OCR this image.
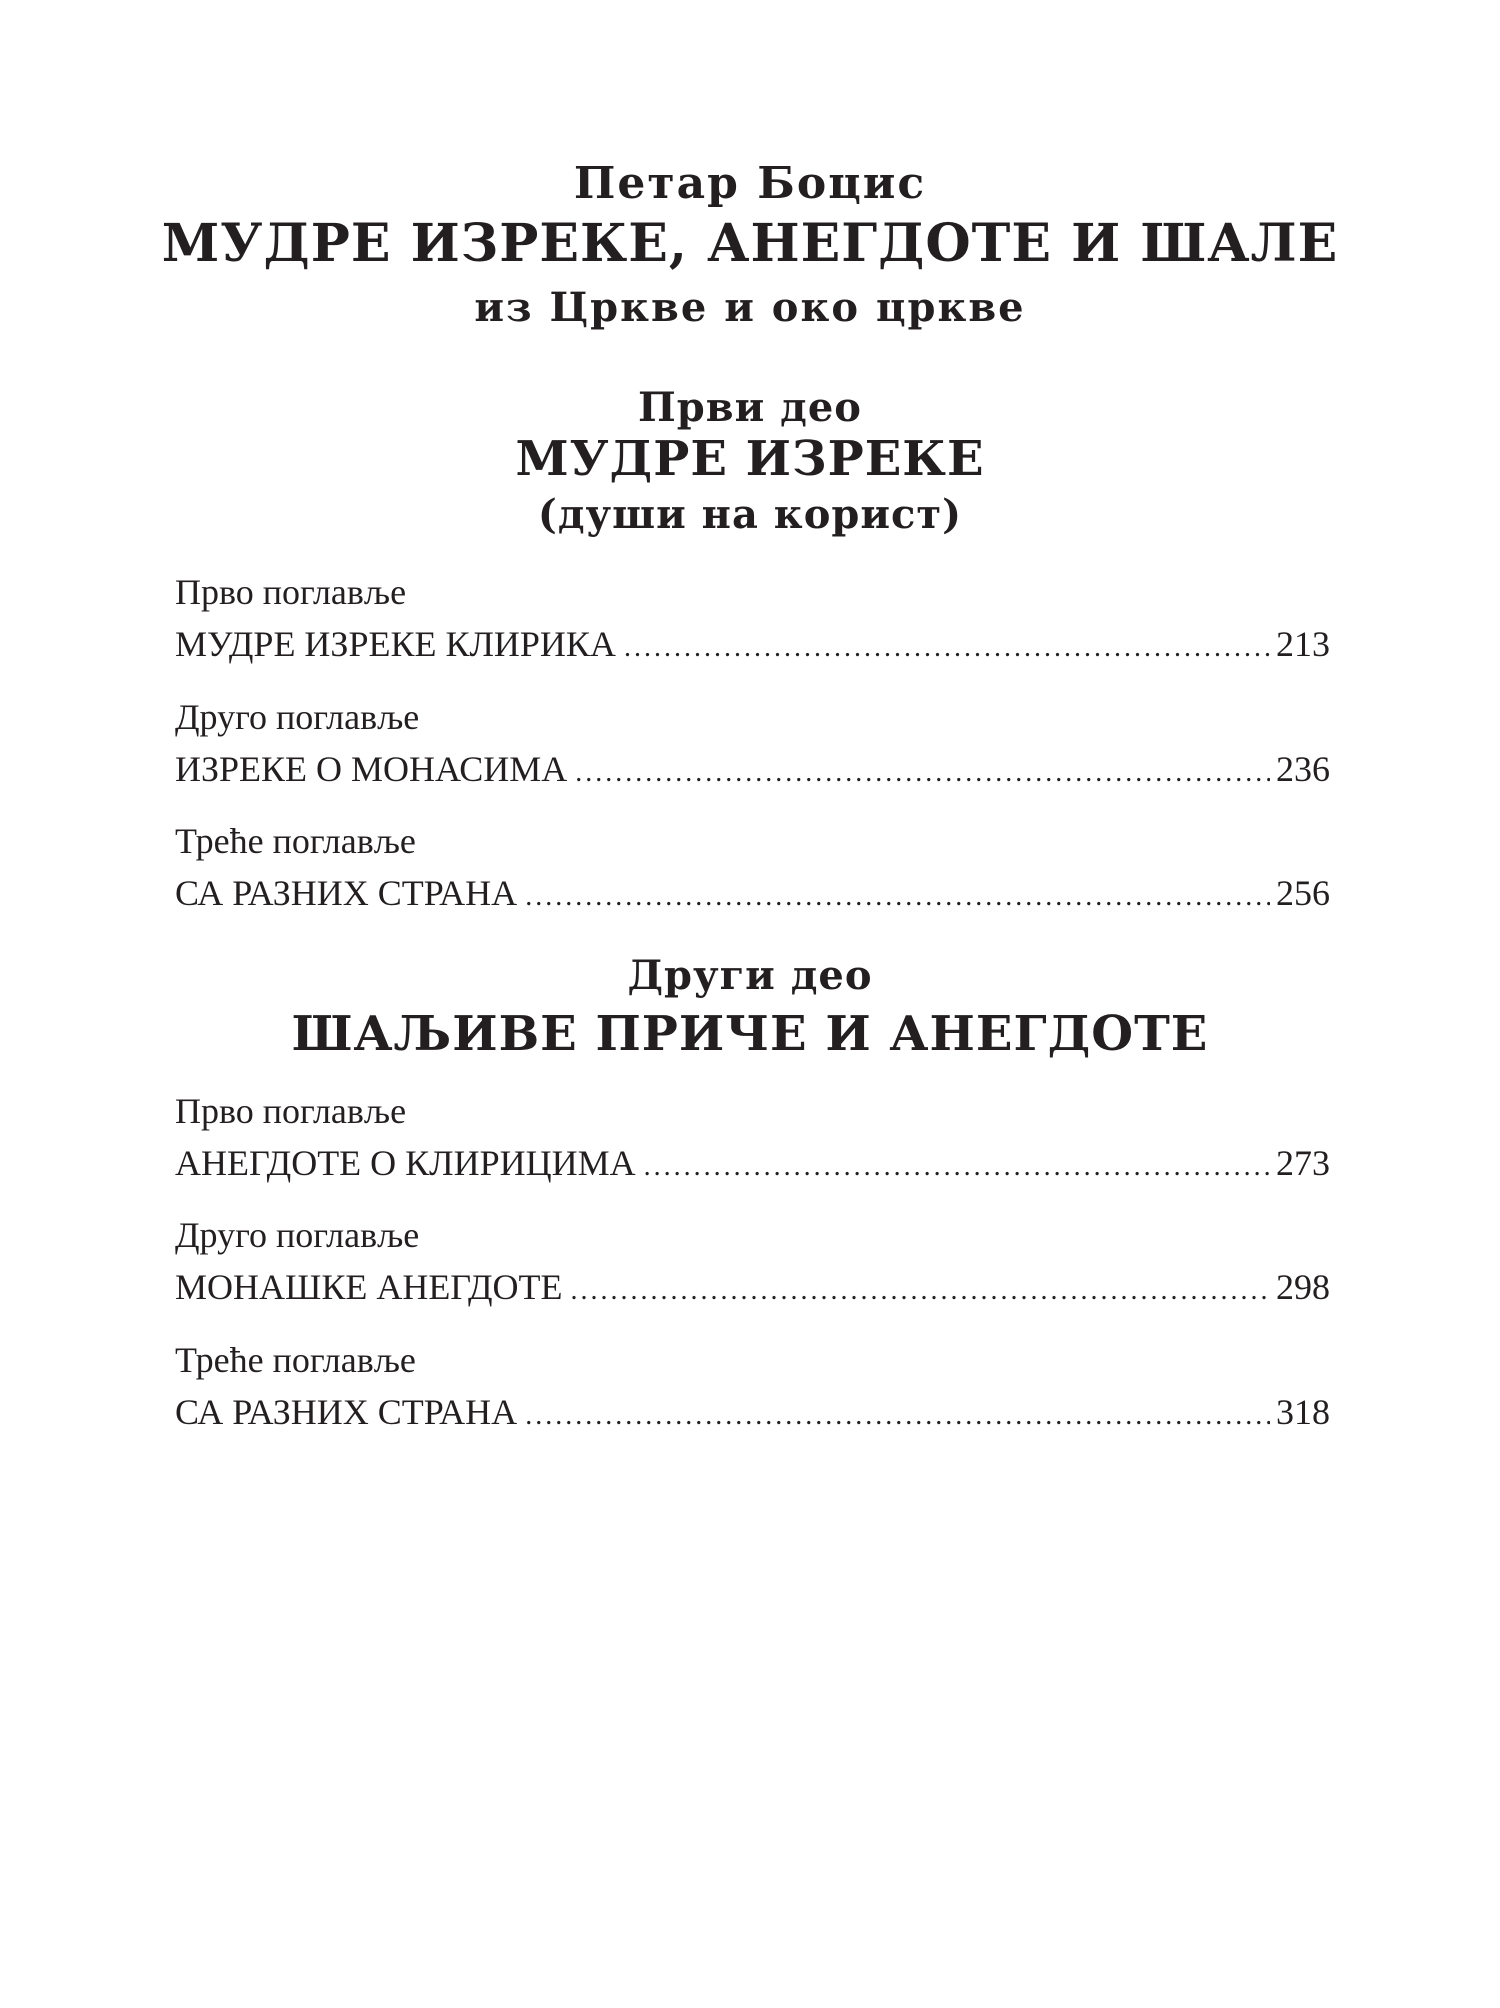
Петар Боцис
МУДРЕ ИЗРЕКЕ, АНЕГДОТЕ И ШАЛЕ
из Цркве и око цркве
Први део
МУДРЕ ИЗРЕКЕ
(души на корист)
Прво поглавље
МУДРЕ ИЗРЕКЕ КЛИРИКА .....	213
Друго поглавље
ИЗРЕКЕ О МОНАСИМА .....	236
Треће поглавље
СА РАЗНИХ СТРАНА .....	256
Други део
ШАЉИВЕ ПРИЧЕ И АНЕГДОТЕ
Прво поглавље
АНЕГДОТЕ О КЛИРИЦИМА .....	273
Друго поглавље
МОНАШКЕ АНЕГДОТЕ .....	298
Треће поглавље
СА РАЗНИХ СТРАНА .....	318
